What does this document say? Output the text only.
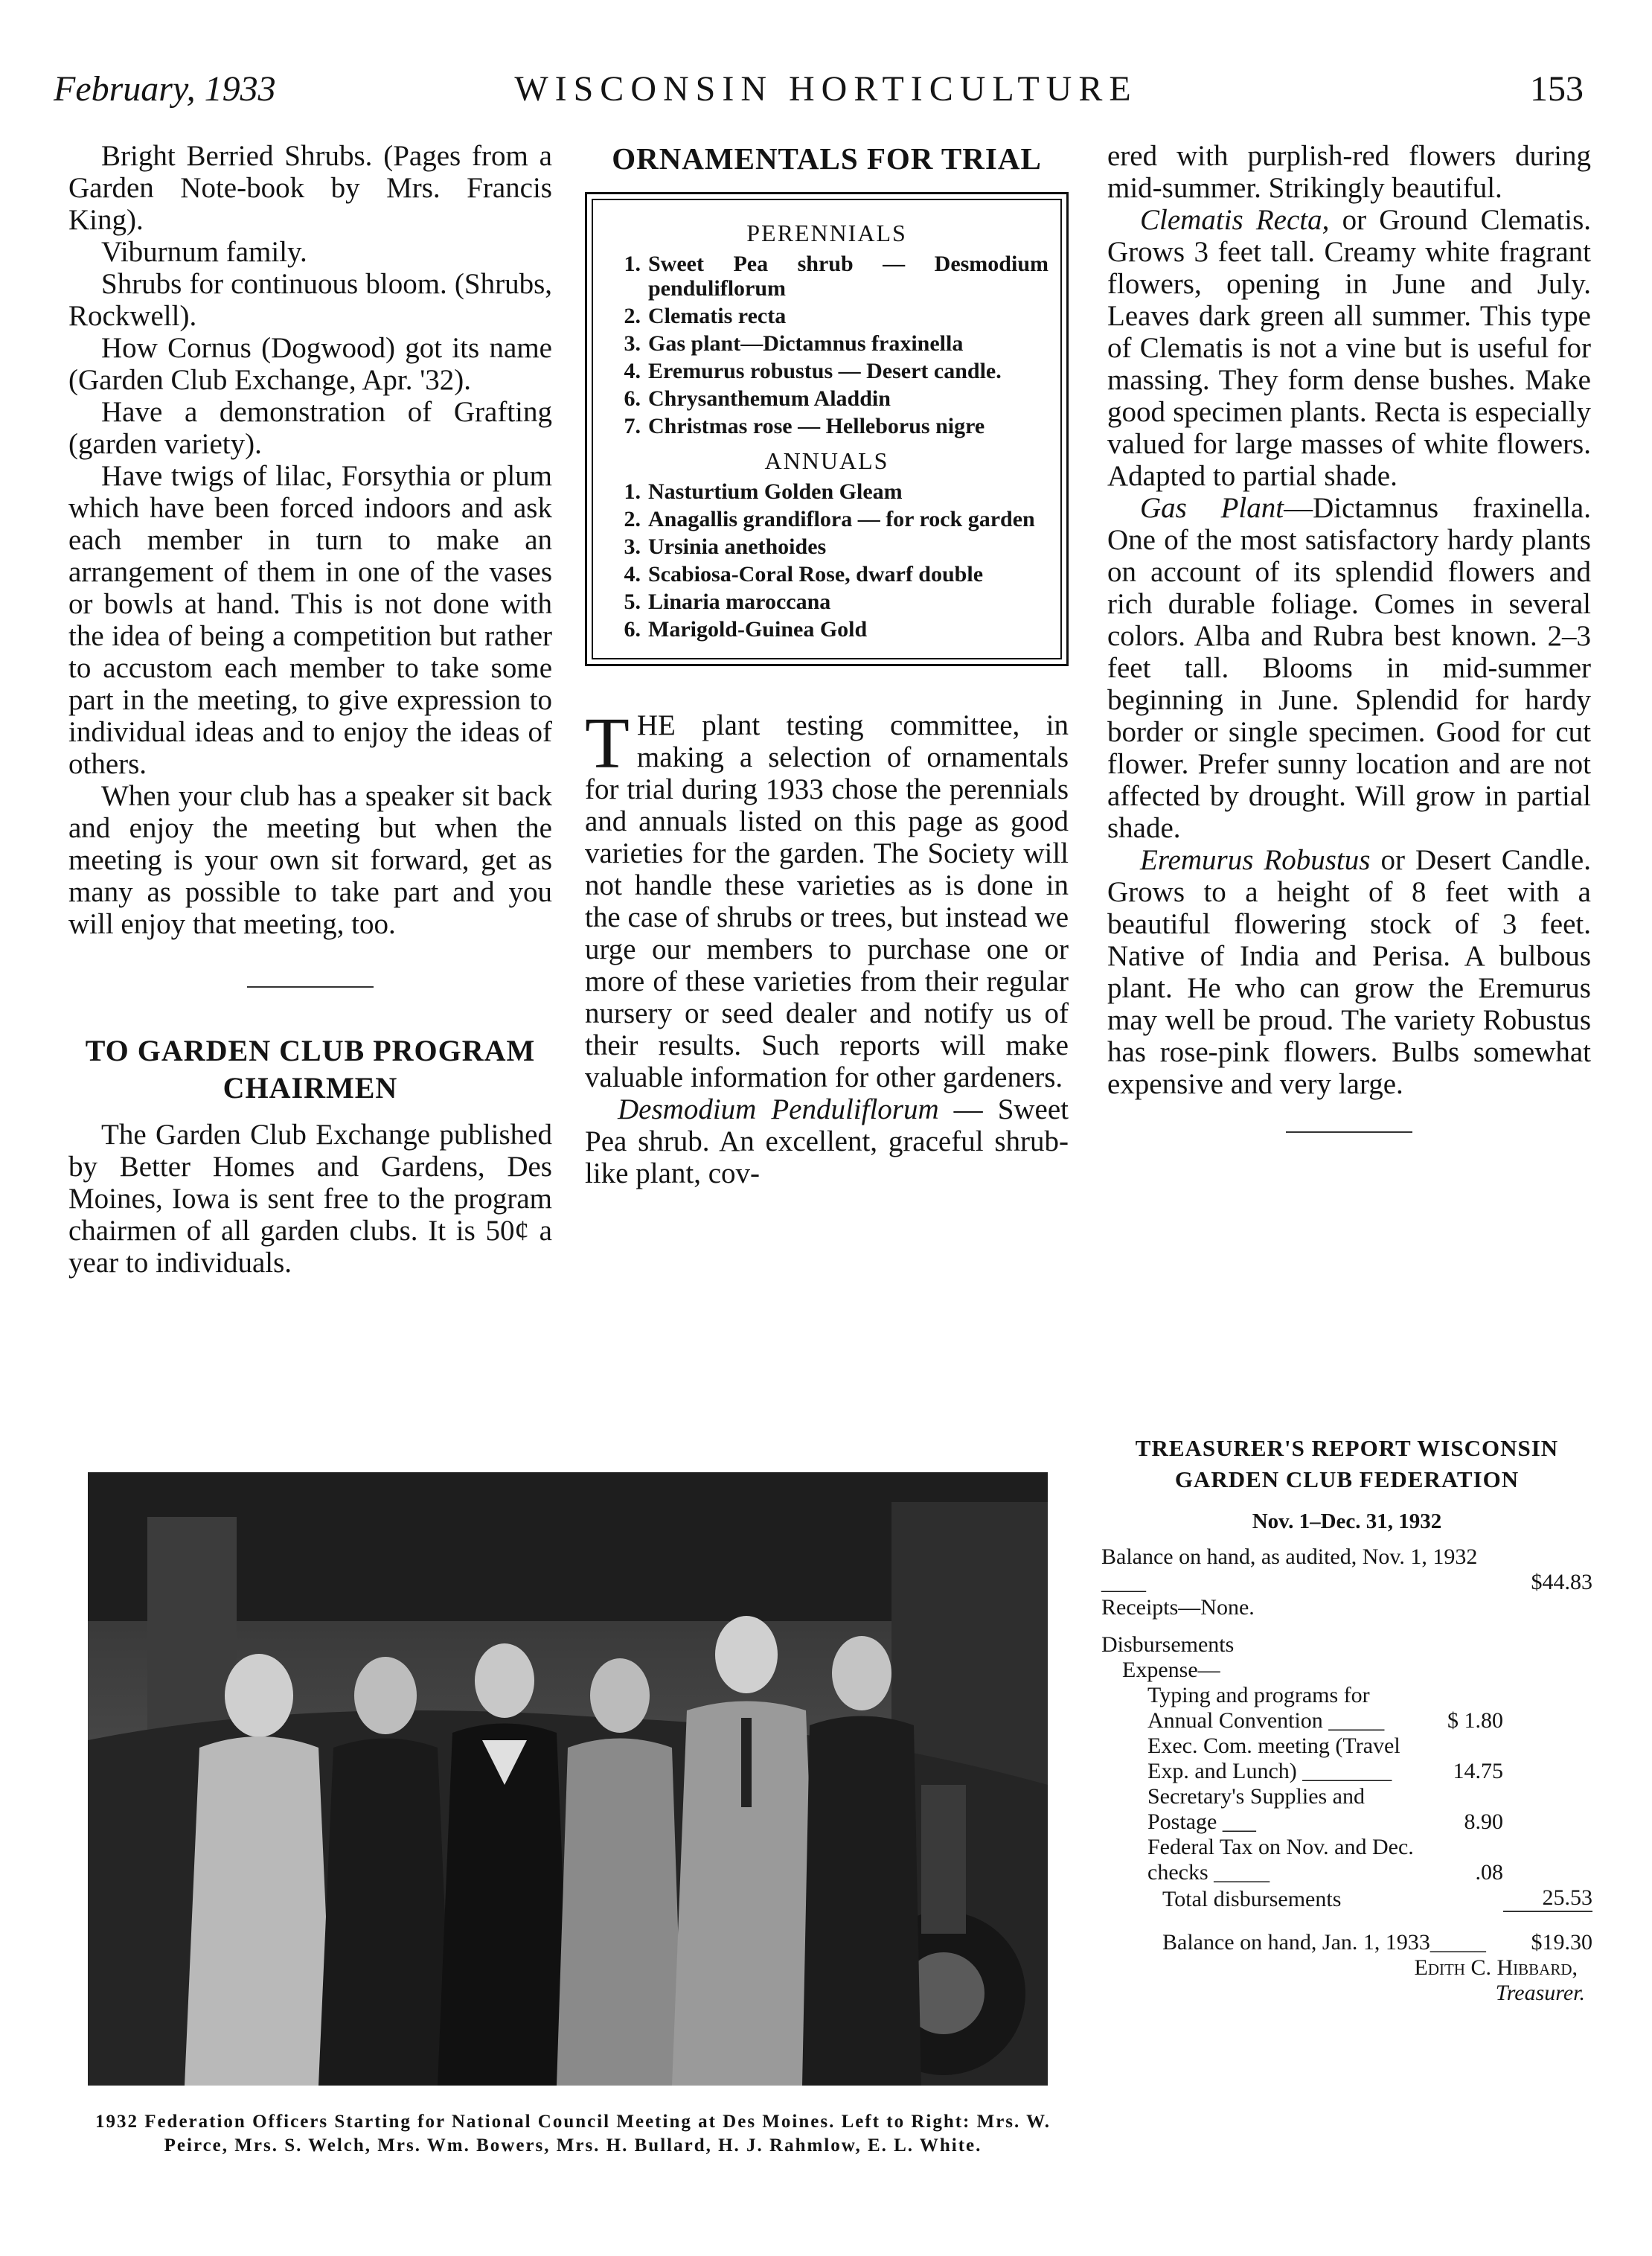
February, 1933	WISCONSIN HORTICULTURE	153

Bright Berried Shrubs. (Pages from a Garden Note-book by Mrs. Francis King).

Viburnum family.

Shrubs for continuous bloom. (Shrubs, Rockwell).

How Cornus (Dogwood) got its name (Garden Club Exchange, Apr. '32).

Have a demonstration of Grafting (garden variety).

Have twigs of lilac, Forsythia or plum which have been forced indoors and ask each member in turn to make an arrangement of them in one of the vases or bowls at hand. This is not done with the idea of being a competition but rather to accustom each member to take some part in the meeting, to give expression to individual ideas and to enjoy the ideas of others.

When your club has a speaker sit back and enjoy the meeting but when the meeting is your own sit forward, get as many as possible to take part and you will enjoy that meeting, too.

TO GARDEN CLUB PROGRAM CHAIRMEN

The Garden Club Exchange published by Better Homes and Gardens, Des Moines, Iowa is sent free to the program chairmen of all garden clubs. It is 50¢ a year to individuals.

ORNAMENTALS FOR TRIAL
PERENNIALS
1. Sweet Pea shrub — Desmodium penduliflorum
2. Clematis recta
3. Gas plant—Dictamnus fraxinella
4. Eremurus robustus — Desert candle.
6. Chrysanthemum Aladdin
7. Christmas rose — Helleborus nigre
ANNUALS
1. Nasturtium Golden Gleam
2. Anagallis grandiflora — for rock garden
3. Ursinia anethoides
4. Scabiosa-Coral Rose, dwarf double
5. Linaria maroccana
6. Marigold-Guinea Gold

THE plant testing committee, in making a selection of ornamentals for trial during 1933 chose the perennials and annuals listed on this page as good varieties for the garden. The Society will not handle these varieties as is done in the case of shrubs or trees, but instead we urge our members to purchase one or more of these varieties from their regular nursery or seed dealer and notify us of their results. Such reports will make valuable information for other gardeners.

Desmodium Penduliflorum — Sweet Pea shrub. An excellent, graceful shrub-like plant, cov-

ered with purplish-red flowers during mid-summer. Strikingly beautiful.

Clematis Recta, or Ground Clematis. Grows 3 feet tall. Creamy white fragrant flowers, opening in June and July. Leaves dark green all summer. This type of Clematis is not a vine but is useful for massing. They form dense bushes. Make good specimen plants. Recta is especially valued for large masses of white flowers. Adapted to partial shade.

Gas Plant—Dictamnus fraxinella. One of the most satisfactory hardy plants on account of its splendid flowers and rich durable foliage. Comes in several colors. Alba and Rubra best known. 2–3 feet tall. Blooms in mid-summer beginning in June. Splendid for hardy border or single specimen. Good for cut flower. Prefer sunny location and are not affected by drought. Will grow in partial shade.

Eremurus Robustus or Desert Candle. Grows to a height of 8 feet with a beautiful flowering stock of 3 feet. Native of India and Perisa. A bulbous plant. He who can grow the Eremurus may well be proud. The variety Robustus has rose-pink flowers. Bulbs somewhat expensive and very large.

1932 Federation Officers Starting for National Council Meeting at Des Moines. Left to Right: Mrs. W. Peirce, Mrs. S. Welch, Mrs. Wm. Bowers, Mrs. H. Bullard, H. J. Rahmlow, E. L. White.
TREASURER'S REPORT WISCONSIN GARDEN CLUB FEDERATION
Nov. 1–Dec. 31, 1932
Balance on hand, as audited, Nov. 1, 1932 ____	$44.83
Receipts—None.
Disbursements
Expense—
Typing and programs for Annual Convention _____	$ 1.80
Exec. Com. meeting (Travel Exp. and Lunch) ________	14.75
Secretary's Supplies and Postage ___	8.90
Federal Tax on Nov. and Dec. checks _____	.08
Total disbursements	25.53
Balance on hand, Jan. 1, 1933_____	$19.30
Edith C. Hibbard,
Treasurer.
